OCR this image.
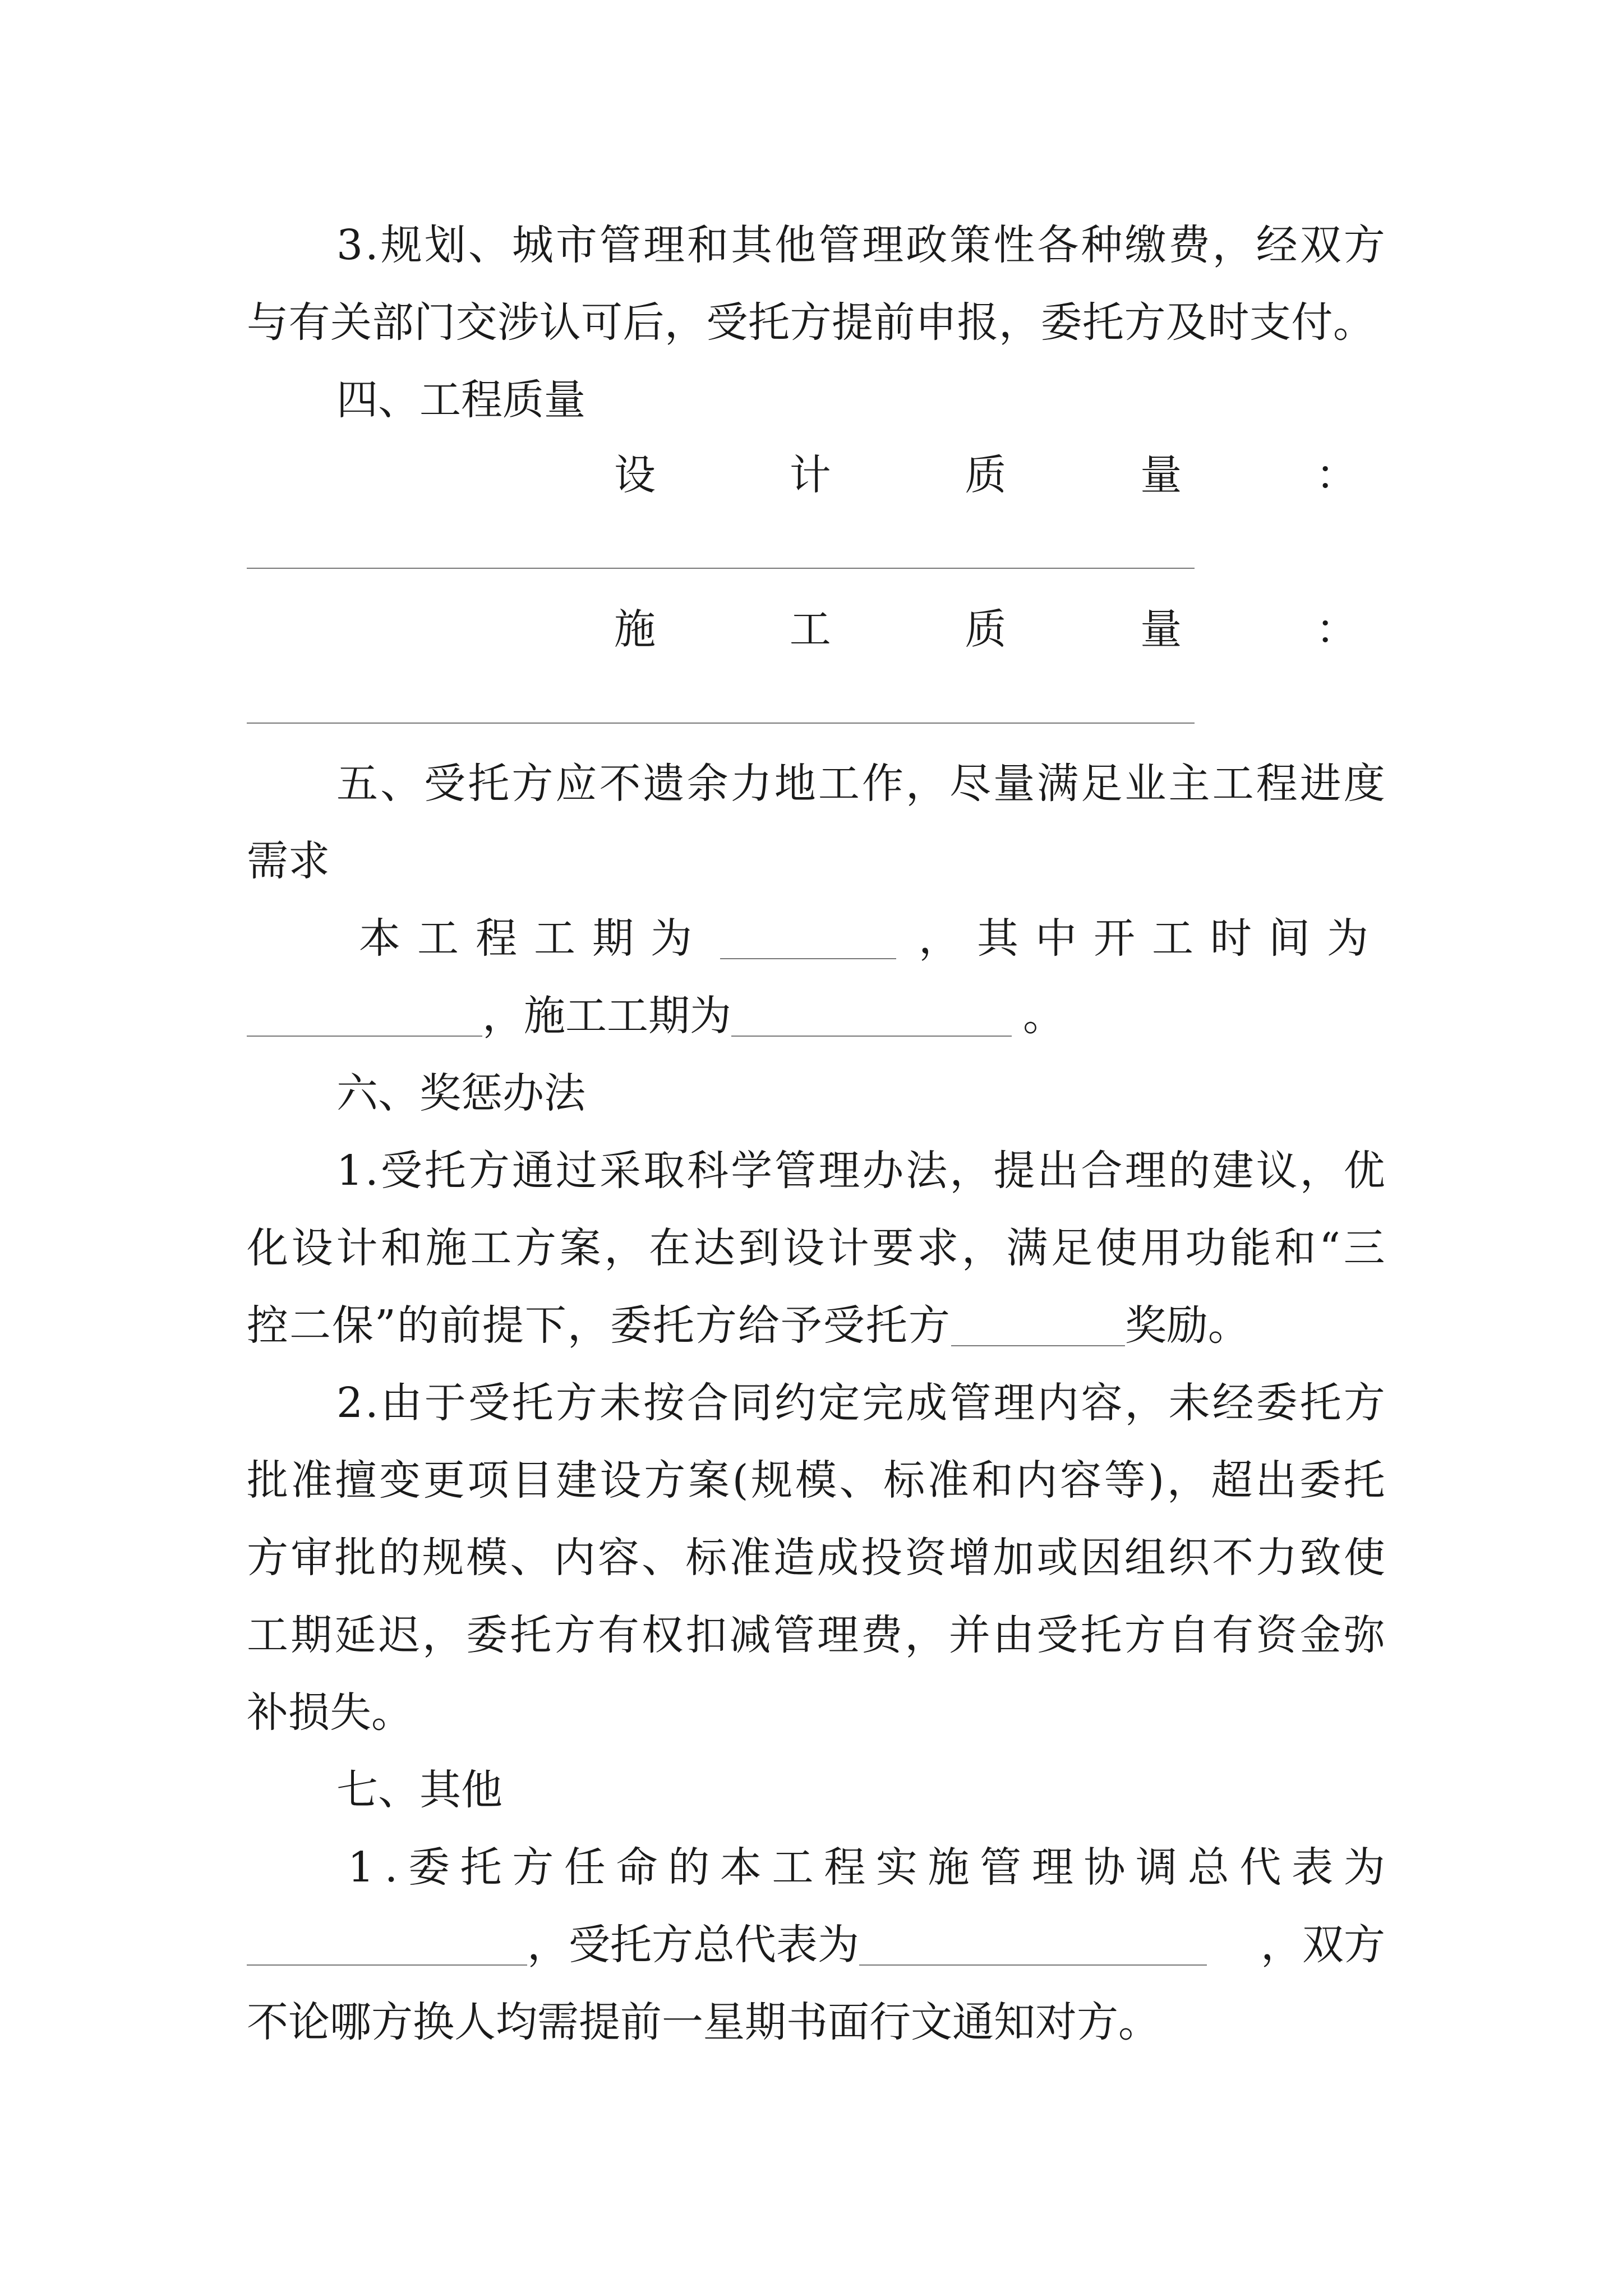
3 . 规 划 、 城 市 管 理 和 其 他 管 理 政 策 性 各 种 缴 费 ， 经 双 方
与有关部门交涉认可后，受托方提前申报，委托方及时支付。
四、工程质量
设	计	质	量	：
施	工	质	量	：
五 、 受 托 方 应 不 遗 余 力 地 工 作 ， 尽 量 满 足 业 主 工 程 进 度
需求
本工程工期为	，其中开工时间为
，施工工期为	。
六、奖惩办法
1 . 受 托 方 通 过 采 取 科 学 管 理 办 法 ， 提 出 合 理 的 建 议 ， 优
化 设 计 和 施 工 方 案 ， 在 达 到 设 计 要 求 ， 满 足 使 用 功 能 和 “ 三
控二保”的前提下，委托方给予受托方	奖励。
2 . 由 于 受 托 方 未 按 合 同 约 定 完 成 管 理 内 容 ， 未 经 委 托 方
批 准 擅 变 更 项 目 建 设 方 案 ( 规 模 、 标 准 和 内 容 等 ) ， 超 出 委 托
方 审 批 的 规 模 、 内 容 、 标 准 造 成 投 资 增 加 或 因 组 织 不 力 致 使
工 期 延 迟 ， 委 托 方 有 权 扣 减 管 理 费 ， 并 由 受 托 方 自 有 资 金 弥
补损失。
七、其他
1 . 委 托 方 任 命 的 本 工 程 实 施 管 理 协 调 总 代 表 为
，受托方总代表为	，双方
不论哪方换人均需提前一星期书面行文通知对方。
